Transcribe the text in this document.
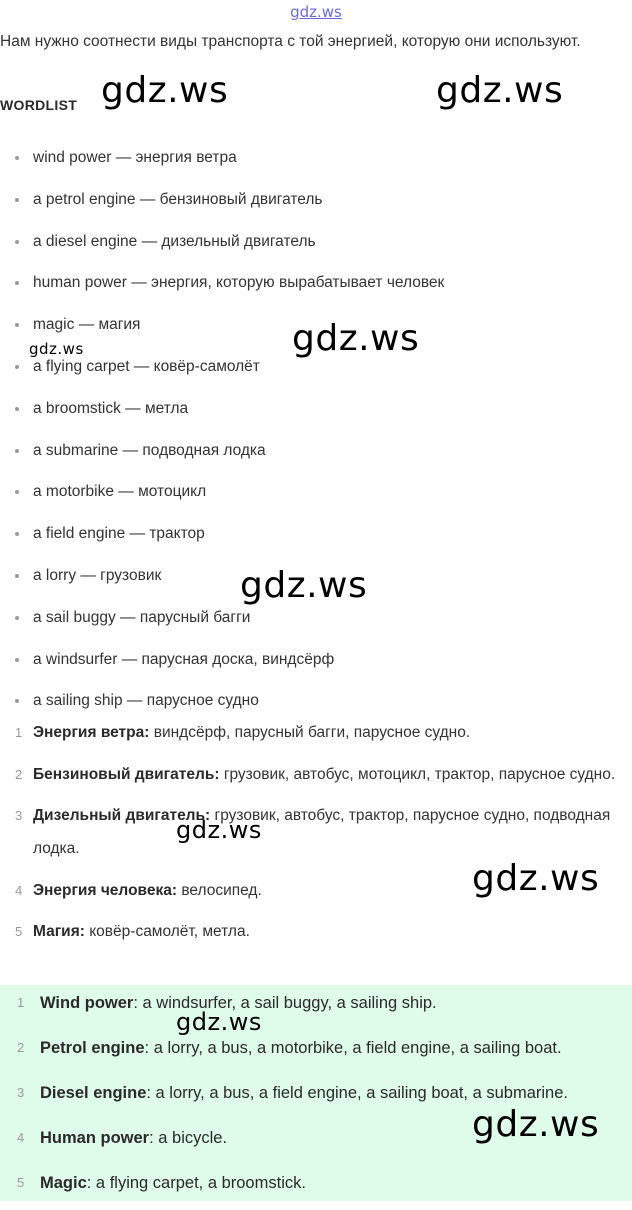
gdz.ws
Нам нужно соотнести виды транспорта с той энергией, которую они используют.
WORDLIST
wind power — энергия ветра
a petrol engine — бензиновый двигатель
a diesel engine — дизельный двигатель
human power — энергия, которую вырабатывает человек
magic — магия
a flying carpet — ковёр-самолёт
a broomstick — метла
a submarine — подводная лодка
a motorbike — мотоцикл
a field engine — трактор
a lorry — грузовик
a sail buggy — парусный багги
a windsurfer — парусная доска, виндсёрф
a sailing ship — парусное судно
1 Энергия ветра: виндсёрф, парусный багги, парусное судно.
2 Бензиновый двигатель: грузовик, автобус, мотоцикл, трактор, парусное судно.
3 Дизельный двигатель: грузовик, автобус, трактор, парусное судно, подводная лодка.
4 Энергия человека: велосипед.
5 Магия: ковёр-самолёт, метла.
1 Wind power: a windsurfer, a sail buggy, a sailing ship.
2 Petrol engine: a lorry, a bus, a motorbike, a field engine, a sailing boat.
3 Diesel engine: a lorry, a bus, a field engine, a sailing boat, a submarine.
4 Human power: a bicycle.
5 Magic: a flying carpet, a broomstick.
gdz.ws	gdz.ws
gdz.ws
gdz.ws
gdz.ws
gdz.ws
gdz.ws
gdz.ws
gdz.ws
